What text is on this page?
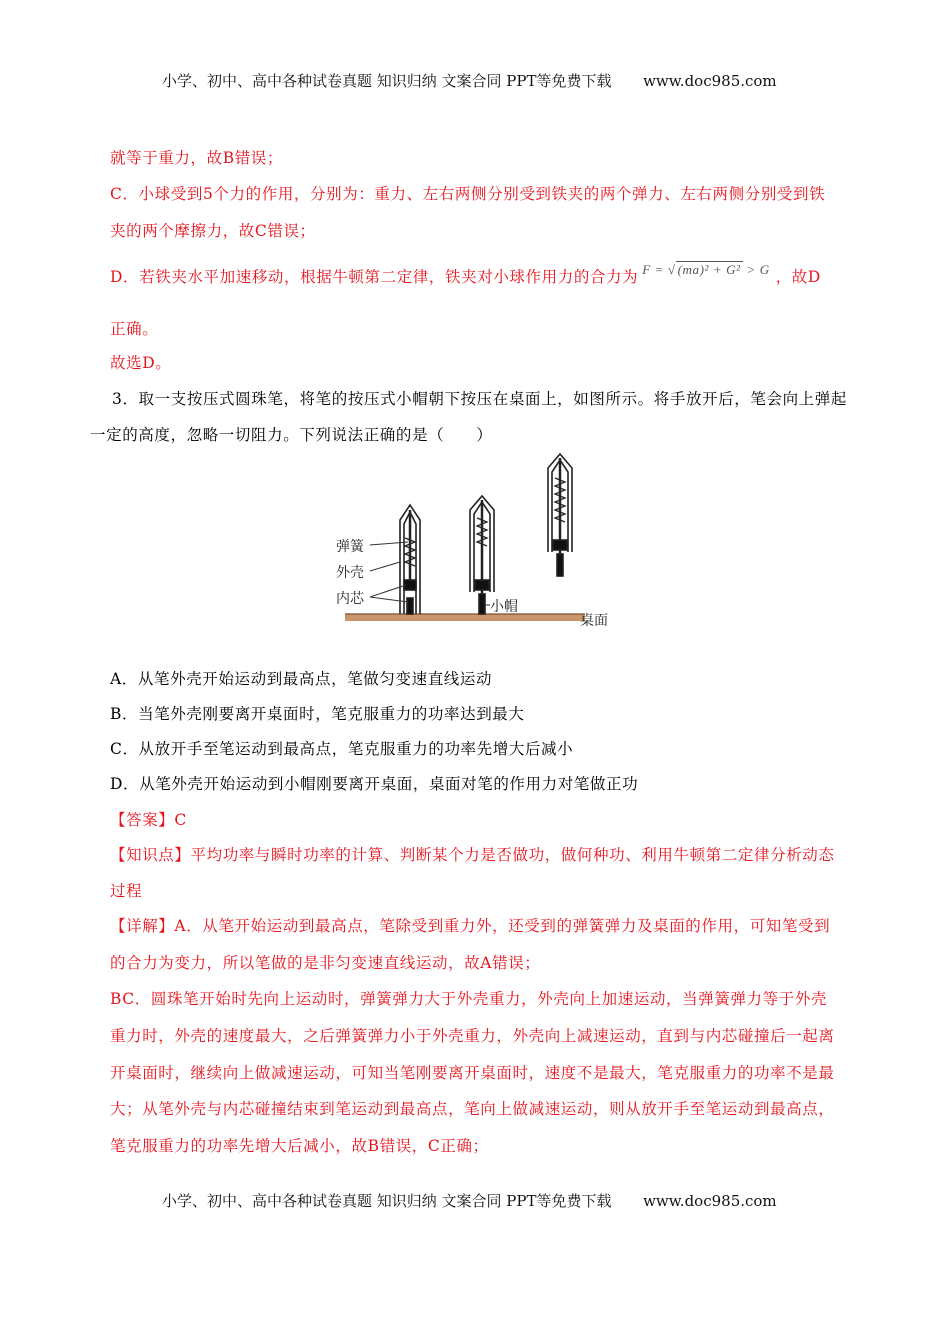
小学、初中、高中各种试卷真题 知识归纳 文案合同 PPT等免费下载 www.doc985.com
就等于重力，故B错误；
C．小球受到5个力的作用，分别为：重力、左右两侧分别受到铁夹的两个弹力、左右两侧分别受到铁
夹的两个摩擦力，故C错误；
D．若铁夹水平加速移动，根据牛顿第二定律，铁夹对小球作用力的合力为 $^{F = √ (ma)^2 + G^2 > G}$ ，故D
正确。
故选D。
3．取一支按压式圆珠笔，将笔的按压式小帽朝下按压在桌面上，如图所示。将手放开后，笔会向上弹起
一定的高度，忽略一切阻力。下列说法正确的是（　　）
弹簧
外壳
内芯	小帽
桌面
A．从笔外壳开始运动到最高点，笔做匀变速直线运动
B．当笔外壳刚要离开桌面时，笔克服重力的功率达到最大
C．从放开手至笔运动到最高点，笔克服重力的功率先增大后减小
D．从笔外壳开始运动到小帽刚要离开桌面，桌面对笔的作用力对笔做正功
【答案】C
【知识点】平均功率与瞬时功率的计算、判断某个力是否做功，做何种功、利用牛顿第二定律分析动态
过程
【详解】A．从笔开始运动到最高点，笔除受到重力外，还受到的弹簧弹力及桌面的作用，可知笔受到
的合力为变力，所以笔做的是非匀变速直线运动，故A错误；
BC．圆珠笔开始时先向上运动时，弹簧弹力大于外壳重力，外壳向上加速运动，当弹簧弹力等于外壳
重力时，外壳的速度最大，之后弹簧弹力小于外壳重力，外壳向上减速运动，直到与内芯碰撞后一起离
开桌面时，继续向上做减速运动，可知当笔刚要离开桌面时，速度不是最大，笔克服重力的功率不是最
大；从笔外壳与内芯碰撞结束到笔运动到最高点，笔向上做减速运动，则从放开手至笔运动到最高点，
笔克服重力的功率先增大后减小，故B错误，C正确；
小学、初中、高中各种试卷真题 知识归纳 文案合同 PPT等免费下载 www.doc985.com
